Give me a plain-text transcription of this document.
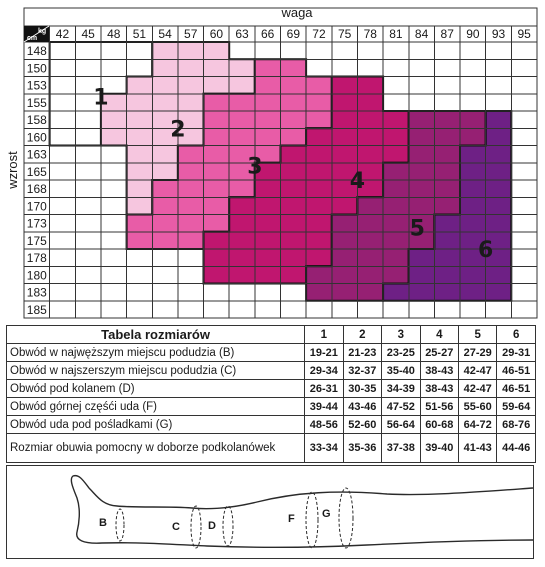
42 45 48 51 54 57 60 63 66 69 72 75 78 81 84 87 90 93 95
148
150
153
155
158
160
163
165
168
170
173
175
178
180
183
185
1
2
3
4
5
6
waga
wzrost
kg
cm
Tabela rozmiarów	1	2	3	4	5	6
Obwód w najwęższym miejscu podudzia (B)	19-21	21-23	23-25	25-27	27-29	29-31
Obwód w najszerszym miejscu podudzia (C)	29-34	32-37	35-40	38-43	42-47	46-51
Obwód pod kolanem (D)	26-31	30-35	34-39	38-43	42-47	46-51
Obwód górnej częśći uda (F)	39-44	43-46	47-52	51-56	55-60	59-64
Obwód uda pod pośladkami (G)	48-56	52-60	56-64	60-68	64-72	68-76
Rozmiar obuwia pomocny w doborze podkolanówek	33-34	35-36	37-38	39-40	41-43	44-46
B	C	D
F G
